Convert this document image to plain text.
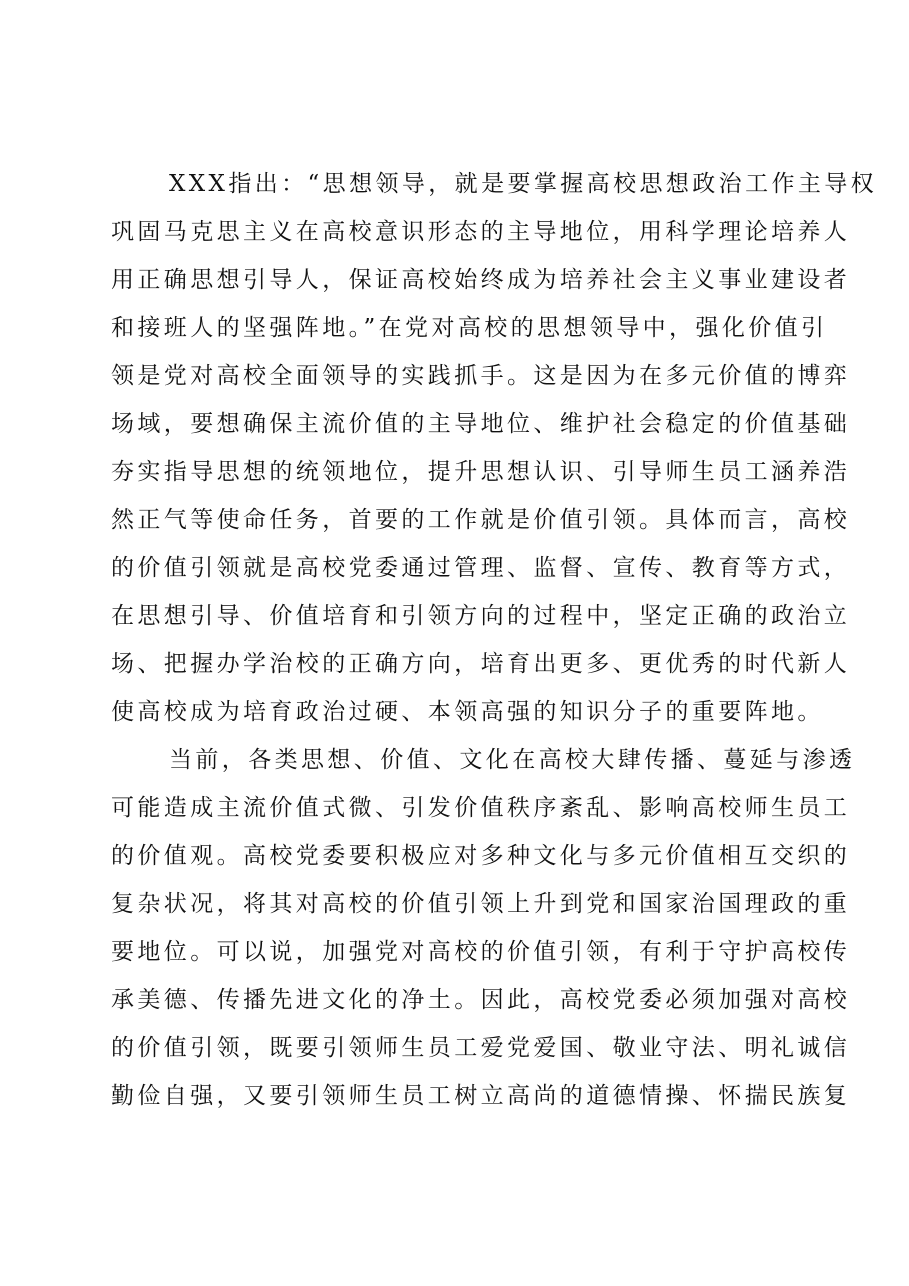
XXX指出：“思想领导，就是要掌握高校思想政治工作主导权
巩固马克思主义在高校意识形态的主导地位，用科学理论培养人
用正确思想引导人，保证高校始终成为培养社会主义事业建设者
和接班人的坚强阵地。”在党对高校的思想领导中，强化价值引
领是党对高校全面领导的实践抓手。这是因为在多元价值的博弈
场域，要想确保主流价值的主导地位、维护社会稳定的价值基础
夯实指导思想的统领地位，提升思想认识、引导师生员工涵养浩
然正气等使命任务，首要的工作就是价值引领。具体而言，高校
的价值引领就是高校党委通过管理、监督、宣传、教育等方式，
在思想引导、价值培育和引领方向的过程中，坚定正确的政治立
场、把握办学治校的正确方向，培育出更多、更优秀的时代新人
使高校成为培育政治过硬、本领高强的知识分子的重要阵地。
当前，各类思想、价值、文化在高校大肆传播、蔓延与渗透
可能造成主流价值式微、引发价值秩序紊乱、影响高校师生员工
的价值观。高校党委要积极应对多种文化与多元价值相互交织的
复杂状况，将其对高校的价值引领上升到党和国家治国理政的重
要地位。可以说，加强党对高校的价值引领，有利于守护高校传
承美德、传播先进文化的净土。因此，高校党委必须加强对高校
的价值引领，既要引领师生员工爱党爱国、敬业守法、明礼诚信
勤俭自强，又要引领师生员工树立高尚的道德情操、怀揣民族复
